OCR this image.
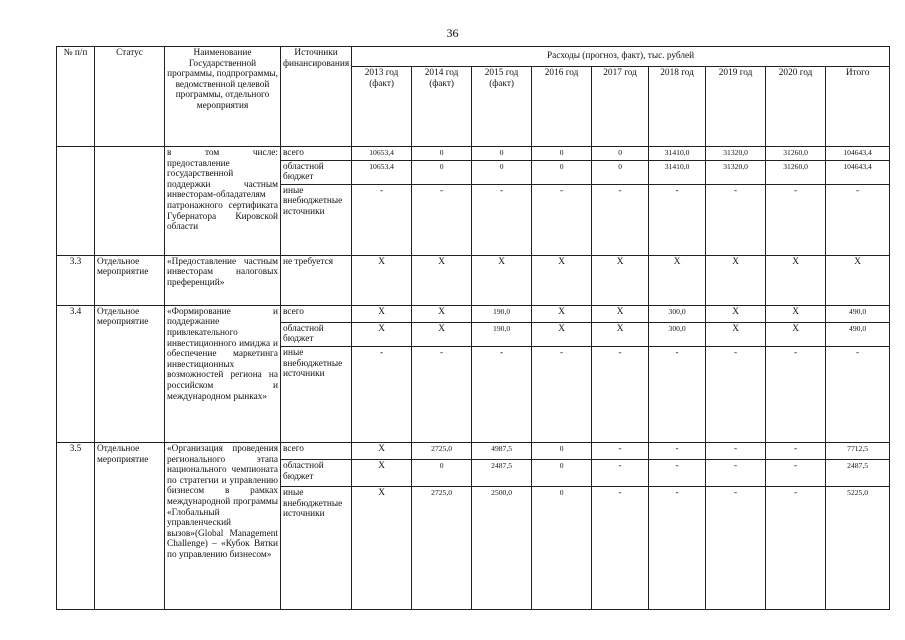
36
№ п/п	Статус	Наименование Государственной программы, подпрограммы, ведомственной целевой программы, отдельного мероприятия	Источники финансирования	Расходы (прогноз, факт), тыс. рублей								
				2013 год (факт)	2014 год (факт)	2015 год (факт)	2016 год	2017 год	2018 год	2019 год	2020 год	Итого
		в том числе: предоставление государственной поддержки частным инвесторам-обладателям патронажного сертификата Губернатора Кировской области	всего	10653,4	0	0	0	0	31410,0	31320,0	31260,0	104643,4
			областной бюджет	10653,4	0	0	0	0	31410,0	31320,0	31260,0	104643,4
			иные внебюджетные источники	-	-	-	-	-	-	-	-	-
3.3	Отдельное мероприятие	«Предоставление частным инвесторам налоговых преференций»	не требуется	Х	Х	Х	Х	Х	Х	Х	Х	Х
3.4	Отдельное мероприятие	«Формирование и поддержание привлекательного инвестиционного имиджа и обеспечение маркетинга инвестиционных возможностей региона на российском и международном рынках»	всего	Х	Х	190,0	Х	Х	300,0	Х	Х	490,0
			областной бюджет	Х	Х	190,0	Х	Х	300,0	Х	Х	490,0
			иные внебюджетные источники	-	-	-	-	-	-	-	-	-
3.5	Отдельное мероприятие	«Организация проведения регионального этапа национального чемпионата по стратегии и управлению бизнесом в рамках международной программы «Глобальный управленческий вызов»(Global Management Challenge) – «Кубок Вятки по управлению бизнесом»	всего	Х	2725,0	4987,5	0	-	-	-	-	7712,5
			областной бюджет	Х	0	2487,5	0	-	-	-	-	2487,5
			иные внебюджетные источники	Х	2725,0	2500,0	0	-	-	-	-	5225,0
